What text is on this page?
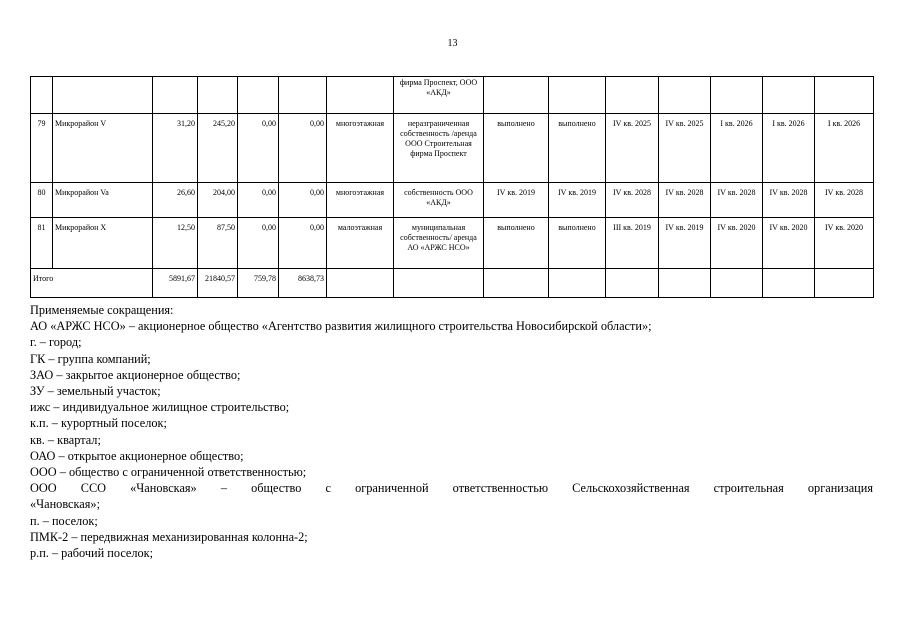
13
							фирма Проспект, ООО «АКД»							
79	Микрорайон V	31,20	245,20	0,00	0,00	многоэтажная	неразграниченная собственность /аренда ООО Строительная фирма Проспект	выполнено	выполнено	IV кв. 2025	IV кв. 2025	I кв. 2026	I кв. 2026	I кв. 2026
80	Микрорайон Va	26,60	204,00	0,00	0,00	многоэтажная	собственность ООО «АКД»	IV кв. 2019	IV кв. 2019	IV кв. 2028	IV кв. 2028	IV кв. 2028	IV кв. 2028	IV кв. 2028
81	Микрорайон X	12,50	87,50	0,00	0,00	малоэтажная	муниципальная собственность/ аренда АО «АРЖС НСО»	выполнено	выполнено	III кв. 2019	IV кв. 2019	IV кв. 2020	IV кв. 2020	IV кв. 2020
Итого		5891,67	21840,57	759,78	8638,73									
Применяемые сокращения:
АО «АРЖС НСО» – акционерное общество «Агентство развития жилищного строительства Новосибирской области»;
г. – город;
ГК – группа компаний;
ЗАО – закрытое акционерное общество;
ЗУ – земельный участок;
ижс – индивидуальное жилищное строительство;
к.п. – курортный поселок;
кв. – квартал;
ОАО – открытое акционерное общество;
ООО – общество с ограниченной ответственностью;
ООО ССО «Чановская» – общество с ограниченной ответственностью Сельскохозяйственная строительная организация
«Чановская»;
п. – поселок;
ПМК-2 – передвижная механизированная колонна-2;
р.п. – рабочий поселок;
